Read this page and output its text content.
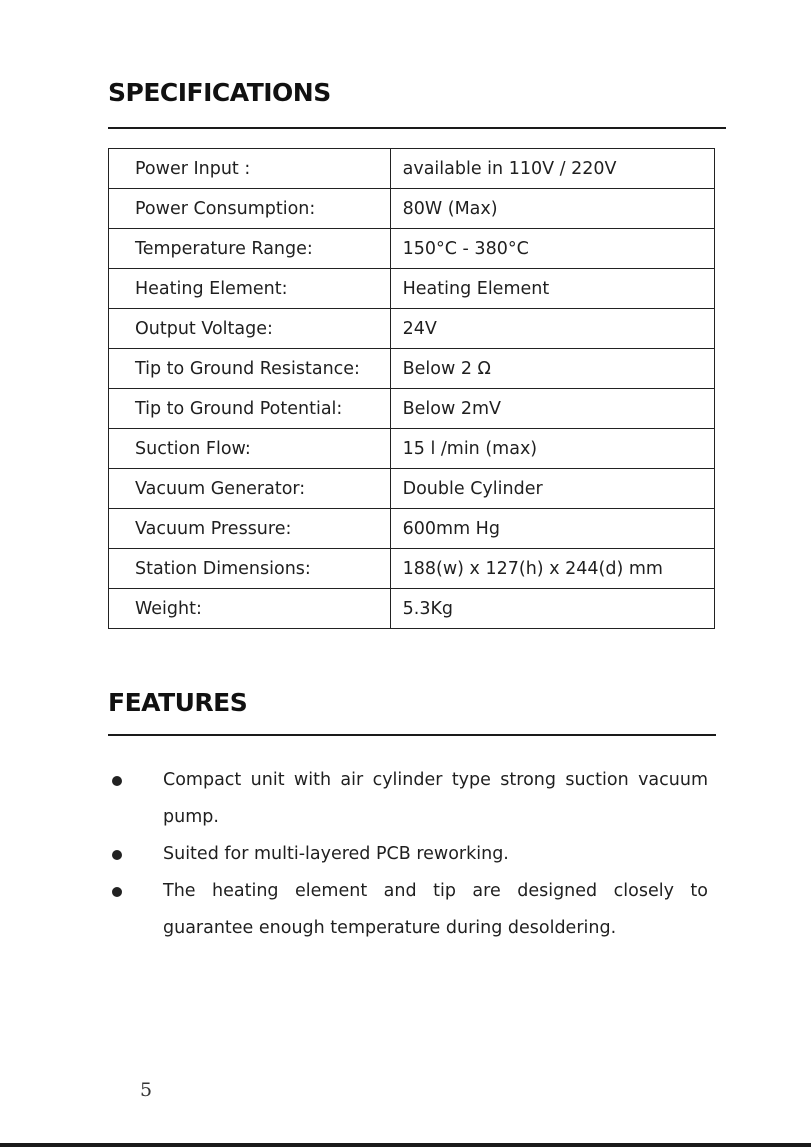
SPECIFICATIONS
Power Input :	available in 110V / 220V
Power Consumption:	80W (Max)
Temperature Range:	150°C - 380°C
Heating Element:	Heating Element
Output Voltage:	24V
Tip to Ground Resistance:	Below 2 Ω
Tip to Ground Potential:	Below 2mV
Suction Flow:	15 l /min (max)
Vacuum Generator:	Double Cylinder
Vacuum Pressure:	600mm Hg
Station Dimensions:	188(w) x 127(h) x 244(d) mm
Weight:	5.3Kg
FEATURES
Compact unit with air cylinder type strong suction vacuum pump.
Suited for multi-layered PCB reworking.
The heating element and tip are designed closely to guarantee enough temperature during desoldering.
5
